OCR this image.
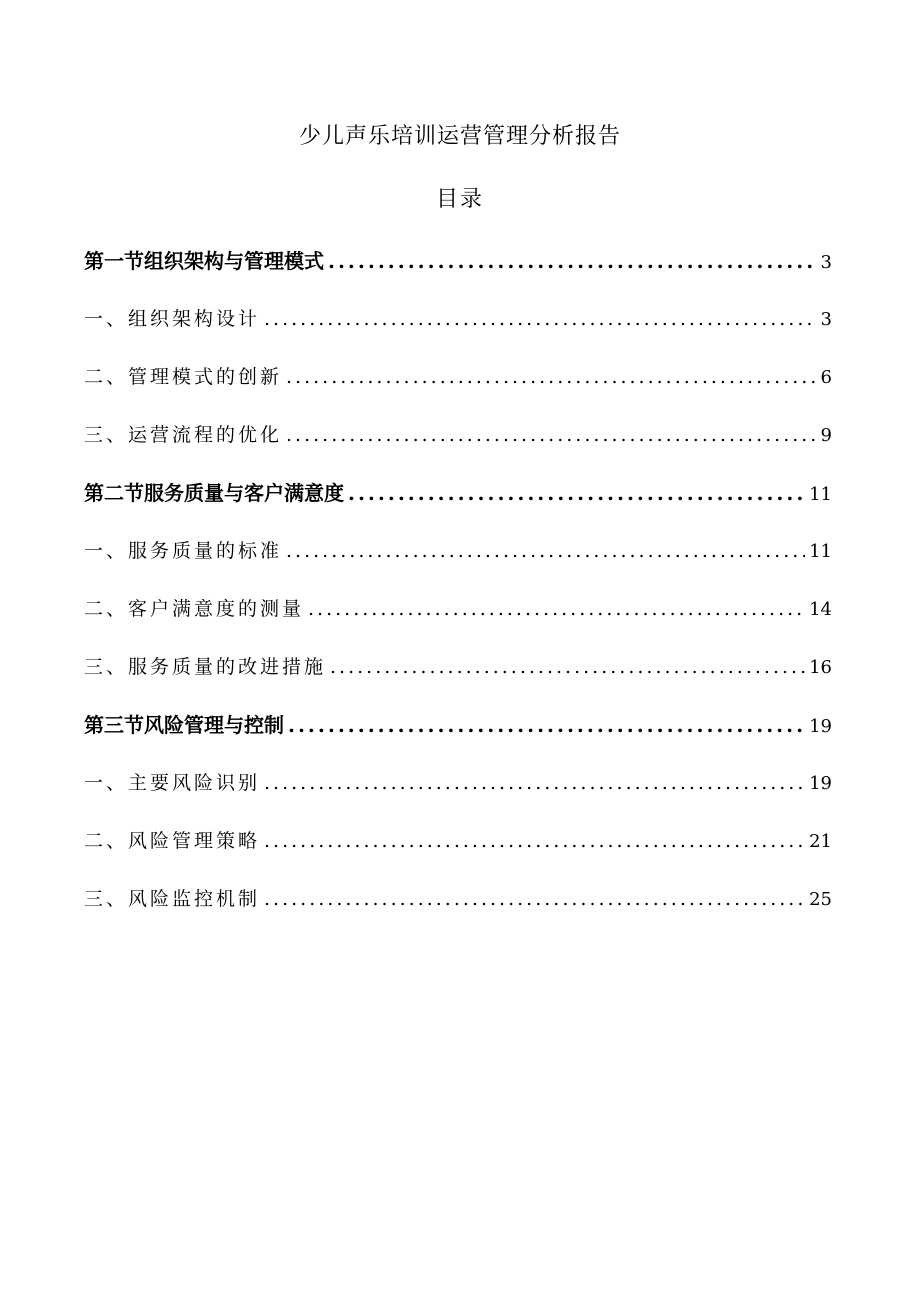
少儿声乐培训运营管理分析报告
目录
第一节组织架构与管理模式 .....	3
一、组织架构设计 .....	3
二、管理模式的创新 .....	6
三、运营流程的优化 .....	9
第二节服务质量与客户满意度 .....	11
一、服务质量的标准 .....	11
二、客户满意度的测量 .....	14
三、服务质量的改进措施 .....	16
第三节风险管理与控制 .....	19
一、主要风险识别 .....	19
二、风险管理策略 .....	21
三、风险监控机制 .....	25
